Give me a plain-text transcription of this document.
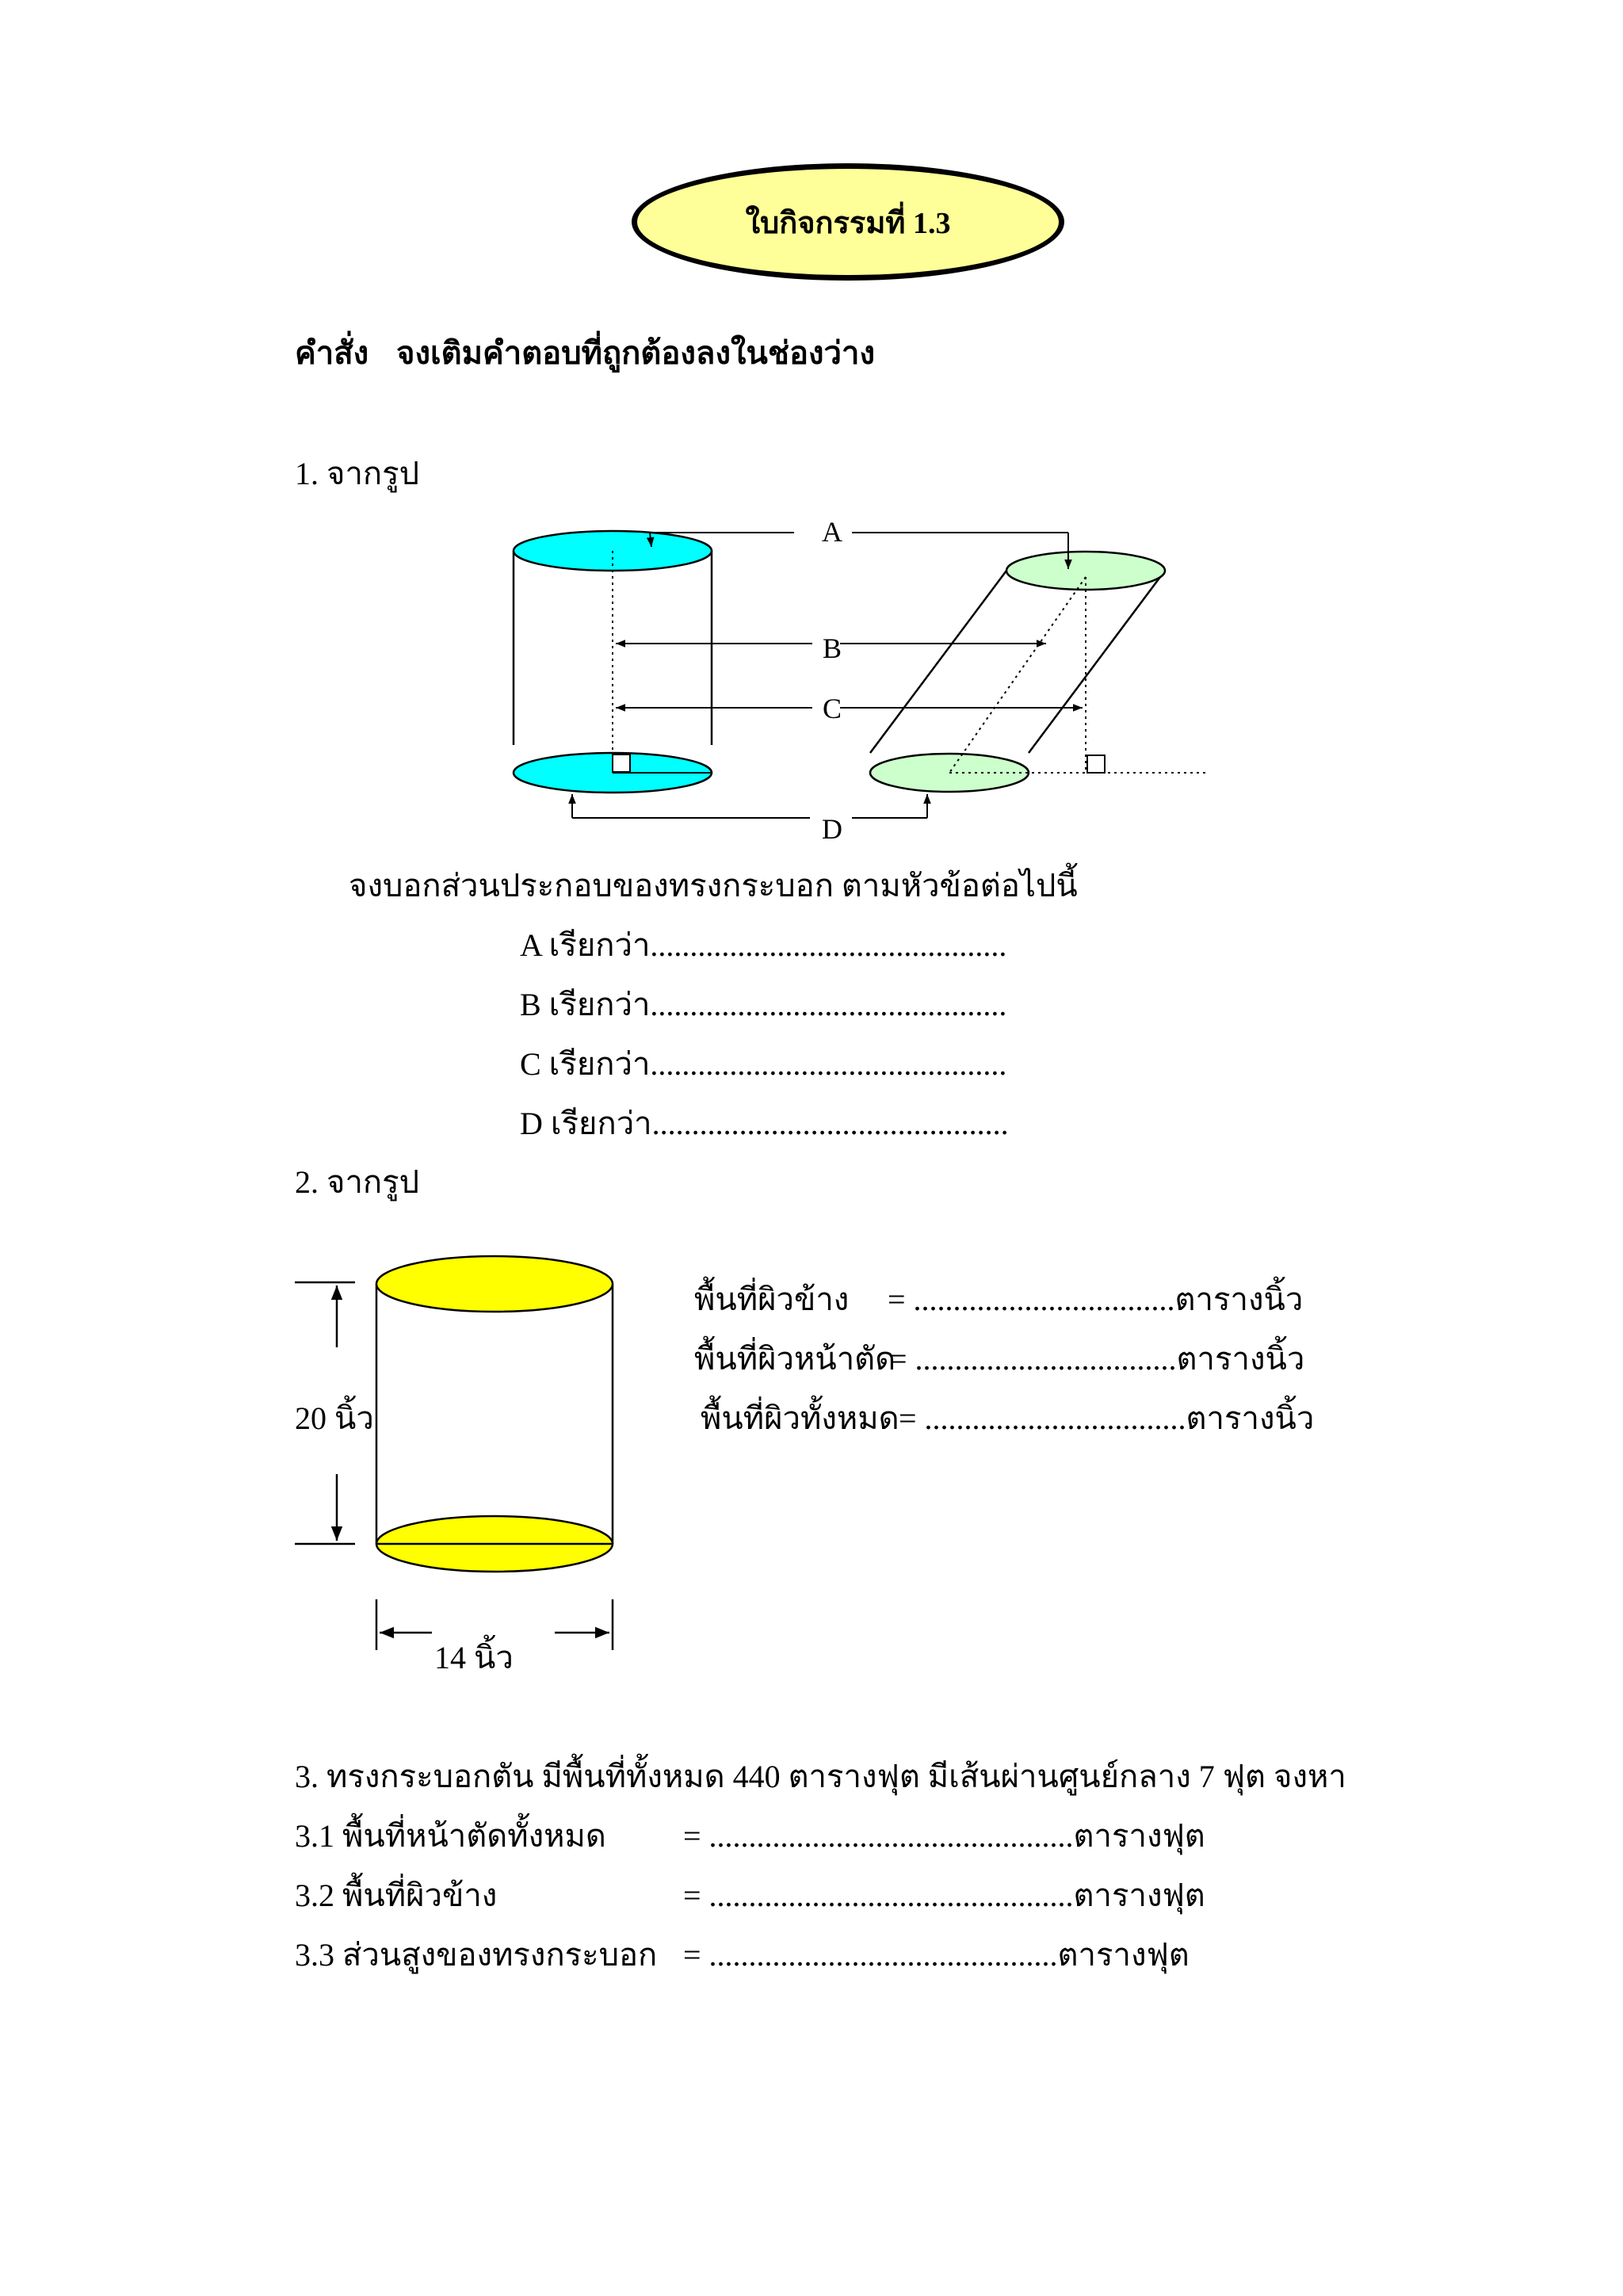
ใบกิจกรรมที่ 1.3
คำสั่ง จงเติมคำตอบที่ถูกต้องลงในช่องว่าง
1. จากรูป
A
B
C
D
จงบอกส่วนประกอบของทรงกระบอก ตามหัวข้อต่อไปนี้
A เรียกว่า.............................................
B เรียกว่า.............................................
C เรียกว่า.............................................
D เรียกว่า.............................................
2. จากรูป
20 นิ้ว
14 นิ้ว
พื้นที่ผิวข้าง = .................................ตารางนิ้ว
พื้นที่ผิวหน้าตัด
= .................................ตารางนิ้ว
พื้นที่ผิวทั้งหมด = .................................ตารางนิ้ว
3. ทรงกระบอกตัน มีพื้นที่ทั้งหมด 440 ตารางฟุต มีเส้นผ่านศูนย์กลาง 7 ฟุต จงหา
3.1 พื้นที่หน้าตัดทั้งหมด = ..............................................ตารางฟุต
3.2 พื้นที่ผิวข้าง	= ..............................................ตารางฟุต
3.3 ส่วนสูงของทรงกระบอก = ............................................ตารางฟุต
